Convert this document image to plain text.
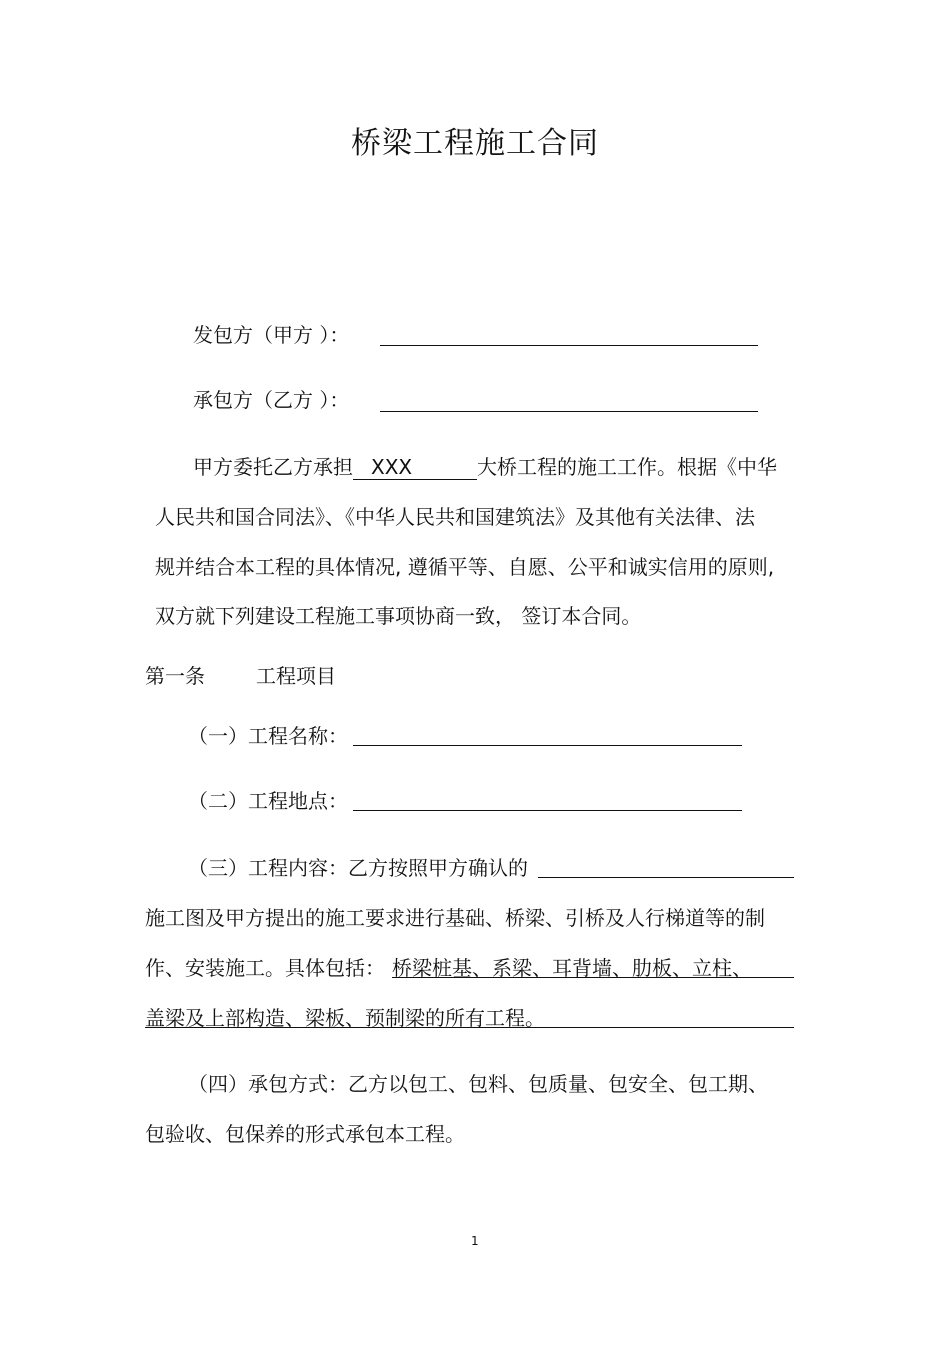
桥梁工程施工合同
发包方（甲方 ）：
承包方（乙方 ）：
甲方委托乙方承担 XXX	大桥工程的施工工作。根据《中华
人民共和国合同法》、《中华人民共和国建筑法》及其他有关法律、法
规并结合本工程的具体情况, 遵循平等、自愿、公平和诚实信用的原则,
双方就下列建设工程施工事项协商一致， 签订本合同。
第一条	工程项目
（一）工程名称：
（二）工程地点：
（三）工程内容：乙方按照甲方确认的
施工图及甲方提出的施工要求进行基础、桥梁、引桥及人行梯道等的制
作、安装施工。具体包括： 桥梁桩基、系梁、耳背墙、肋板、立柱、
盖梁及上部构造、梁板、预制梁的所有工程。
（四）承包方式：乙方以包工、包料、包质量、包安全、包工期、
包验收、包保养的形式承包本工程。
1
